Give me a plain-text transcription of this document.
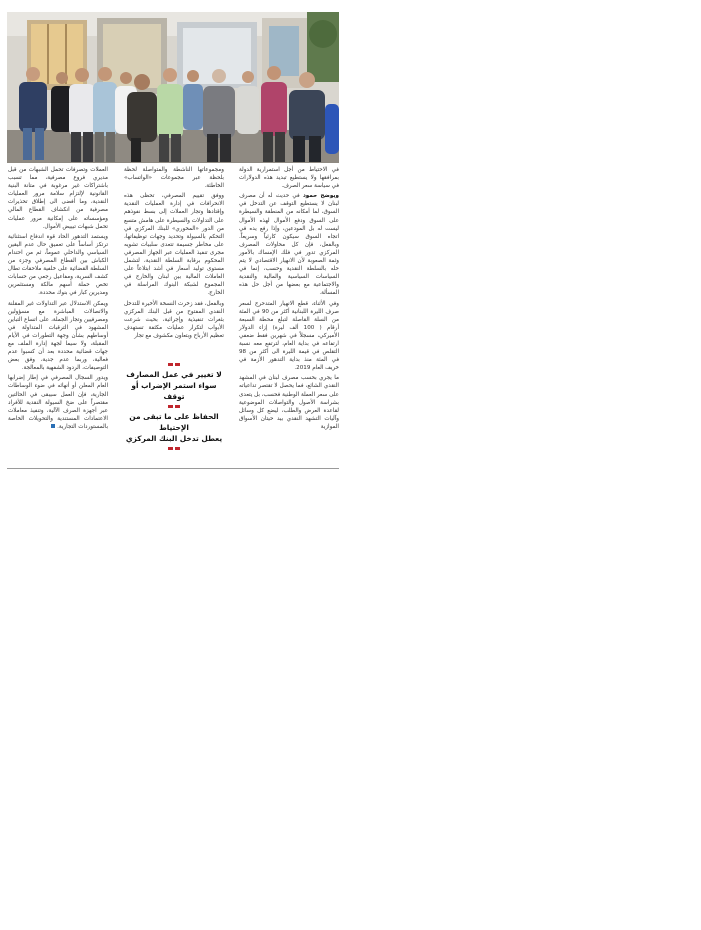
في الاحتياط من أجل استمرارية الدولة بمرافقها ولا يستطيع تبديد هذه الدولارات في سياسة سعر الصرف.

ويوضح حمود في حديث له أن مصرف لبنان لا يستطيع التوقف عن التدخل في السوق، لما أمكانه من المنطقة والسيطرة على السوق ودفع الأموال لهذه الأموال ليست له بل المودعين، وإذا رفع يده في اتجاه السوق سيكون كارثياً وسريعاً. وبالفعل، فإن كل محاولات المصرف المركزي تدور في فلك الإمساك بالأمور وثمة الصعوبة لأن الانهيار الاقتصادي لا يتم حله بالسلطة النقدية وحسب، إنما في السياسات السياسية والمالية والنقدية والاجتماعية مع بعضها من أجل حل هذه المسألة.

وفي الأثناء، قطع الانهيار المتدحرج لسعر صرف الليرة اللبنانية أكثر من 90 في المئة من السلة القاصلة لتبلغ محطة السبعة أرقام ( 100 ألف ليرة) إزاء الدولار الأميركي، مسجلاً في شهرين فقط ضعفي ارتفاعه في بداية العام، لترتفع معه نسبة التقلص في قيمة الليرة الى أكثر من 98 في المئة منذ بداية التدهور الأزمة في خريف العام 2019.

ما يجري بحسب مصرف لبنان في المشهد النقدي الشائع، فما يحصل لا تقتصر تداعياته على سعر العملة الوطنية فحسب، بل يتعدى بشراسة الأصول والتواصلات الموضوعية لقاعدة العرض والطلب، ليضع كل وسائل وآليات التشهد النقدي بيد حيتان الأسواق الموازية

ومجموعاتها الناشطة والمتواصلة لحظة بلحظة عبر مجموعات «الواتساب» الخاطئة.

ووفق تقييم المصرفي، تحظى هذه الانحرافات في إدارة العمليات النقدية وإقتادها وتجار العملات إلى بسط نفوذهم على التداولات والسيطرة على هامش متسع من الدور «المحوري» للبنك المركزي في التحكم بالسيولة وتحديد وجهات توظيفاتها، على مخاطر جسيمة تتعدى سلبيات تشويه مجرى تنفيذ العمليات عبر الجهاز المصرفي المحكوم برقابة السلطة النقدية، لتشمل مستوى توليد أسعار في أشد ابتلاعاً على العاملات المالية بين لبنان والخارج في المجموع لشبكة البنوك المراسلة في الخارج.

وبالفعل، فقد زخرت النسخة الأخيرة للتدخل النقدي المفتوح من قبل البنك المركزي بثغرات تنفيذية وإجرائية، بحيث شرعت الأبواب لتكرار عمليات مكثفة تستهدف تعظيم الأرباح وبتعاون مكشوف مع تجار

لا تغيير في عمل المصارف

سواء استمر الإضراب أو توقف

الحفاظ على ما تبقى من الإحتياط

يعطل تدخل البنك المركزي

العملات وتصرفات تحمل الشبهات من قبل مديري فروع مصرفية، مما تسبب باشتراكات غير مرغوبة في متانة البنية القانونية لإلتزام سلامة مرور العمليات النقدية، وما أفضى الى إطلاق تحذيرات مصرفية من انكشاف القطاع المالي ومؤسساته على إمكانية مرور عمليات تحمل شبهات تبييض الأموال.

ويستمد التدهور الحاد قوة اندفاع استثنائية ترتكز أساساً على تعميق حال عدم اليقين السياسي والداخلي عموماً، ثم من احتدام الكباش بين القطاع المصرفي وجزء من السلطة القضائية على خلفية ملاحقات تطال كشف السرية، ومفاعيل رجعي من حسابات تخص حملة أسهم مالكة ومستثمرين ومديرين كبار في بنوك محددة.

ويمكن الاستدلال عبر التداولات غير المقلنة والاتصالات المباشرة مع مسؤولين ومصرفيين وتجار الجملة، على اتساع التباين المشهود في الترقبات المتداولة في أوساطهم بشأن وجهة التطورات في الأيام المقبلة، ولا سيما لجهة إدارة الملف مع جهات قضائية محددة بعد أن كسبوا عدم فعالية، وربما عدم جدية، وفق بعض التوصيفات، الردود الشفهية بالمعالجة.

ويدور السجال المصرفي في إطار إضرابها العام المعلن أو أنهائه في ضوء الوساطات الجارية، فإن العمل سيبقى في الحالتين مقتصراً على ضخ السيولة النقدية للأفراد عبر أجهزة الصرف الآلية، وتنفيذ معاملات الاعتمادات المستندية والتحويلات الخاصة بالمستوردات التجارية.
